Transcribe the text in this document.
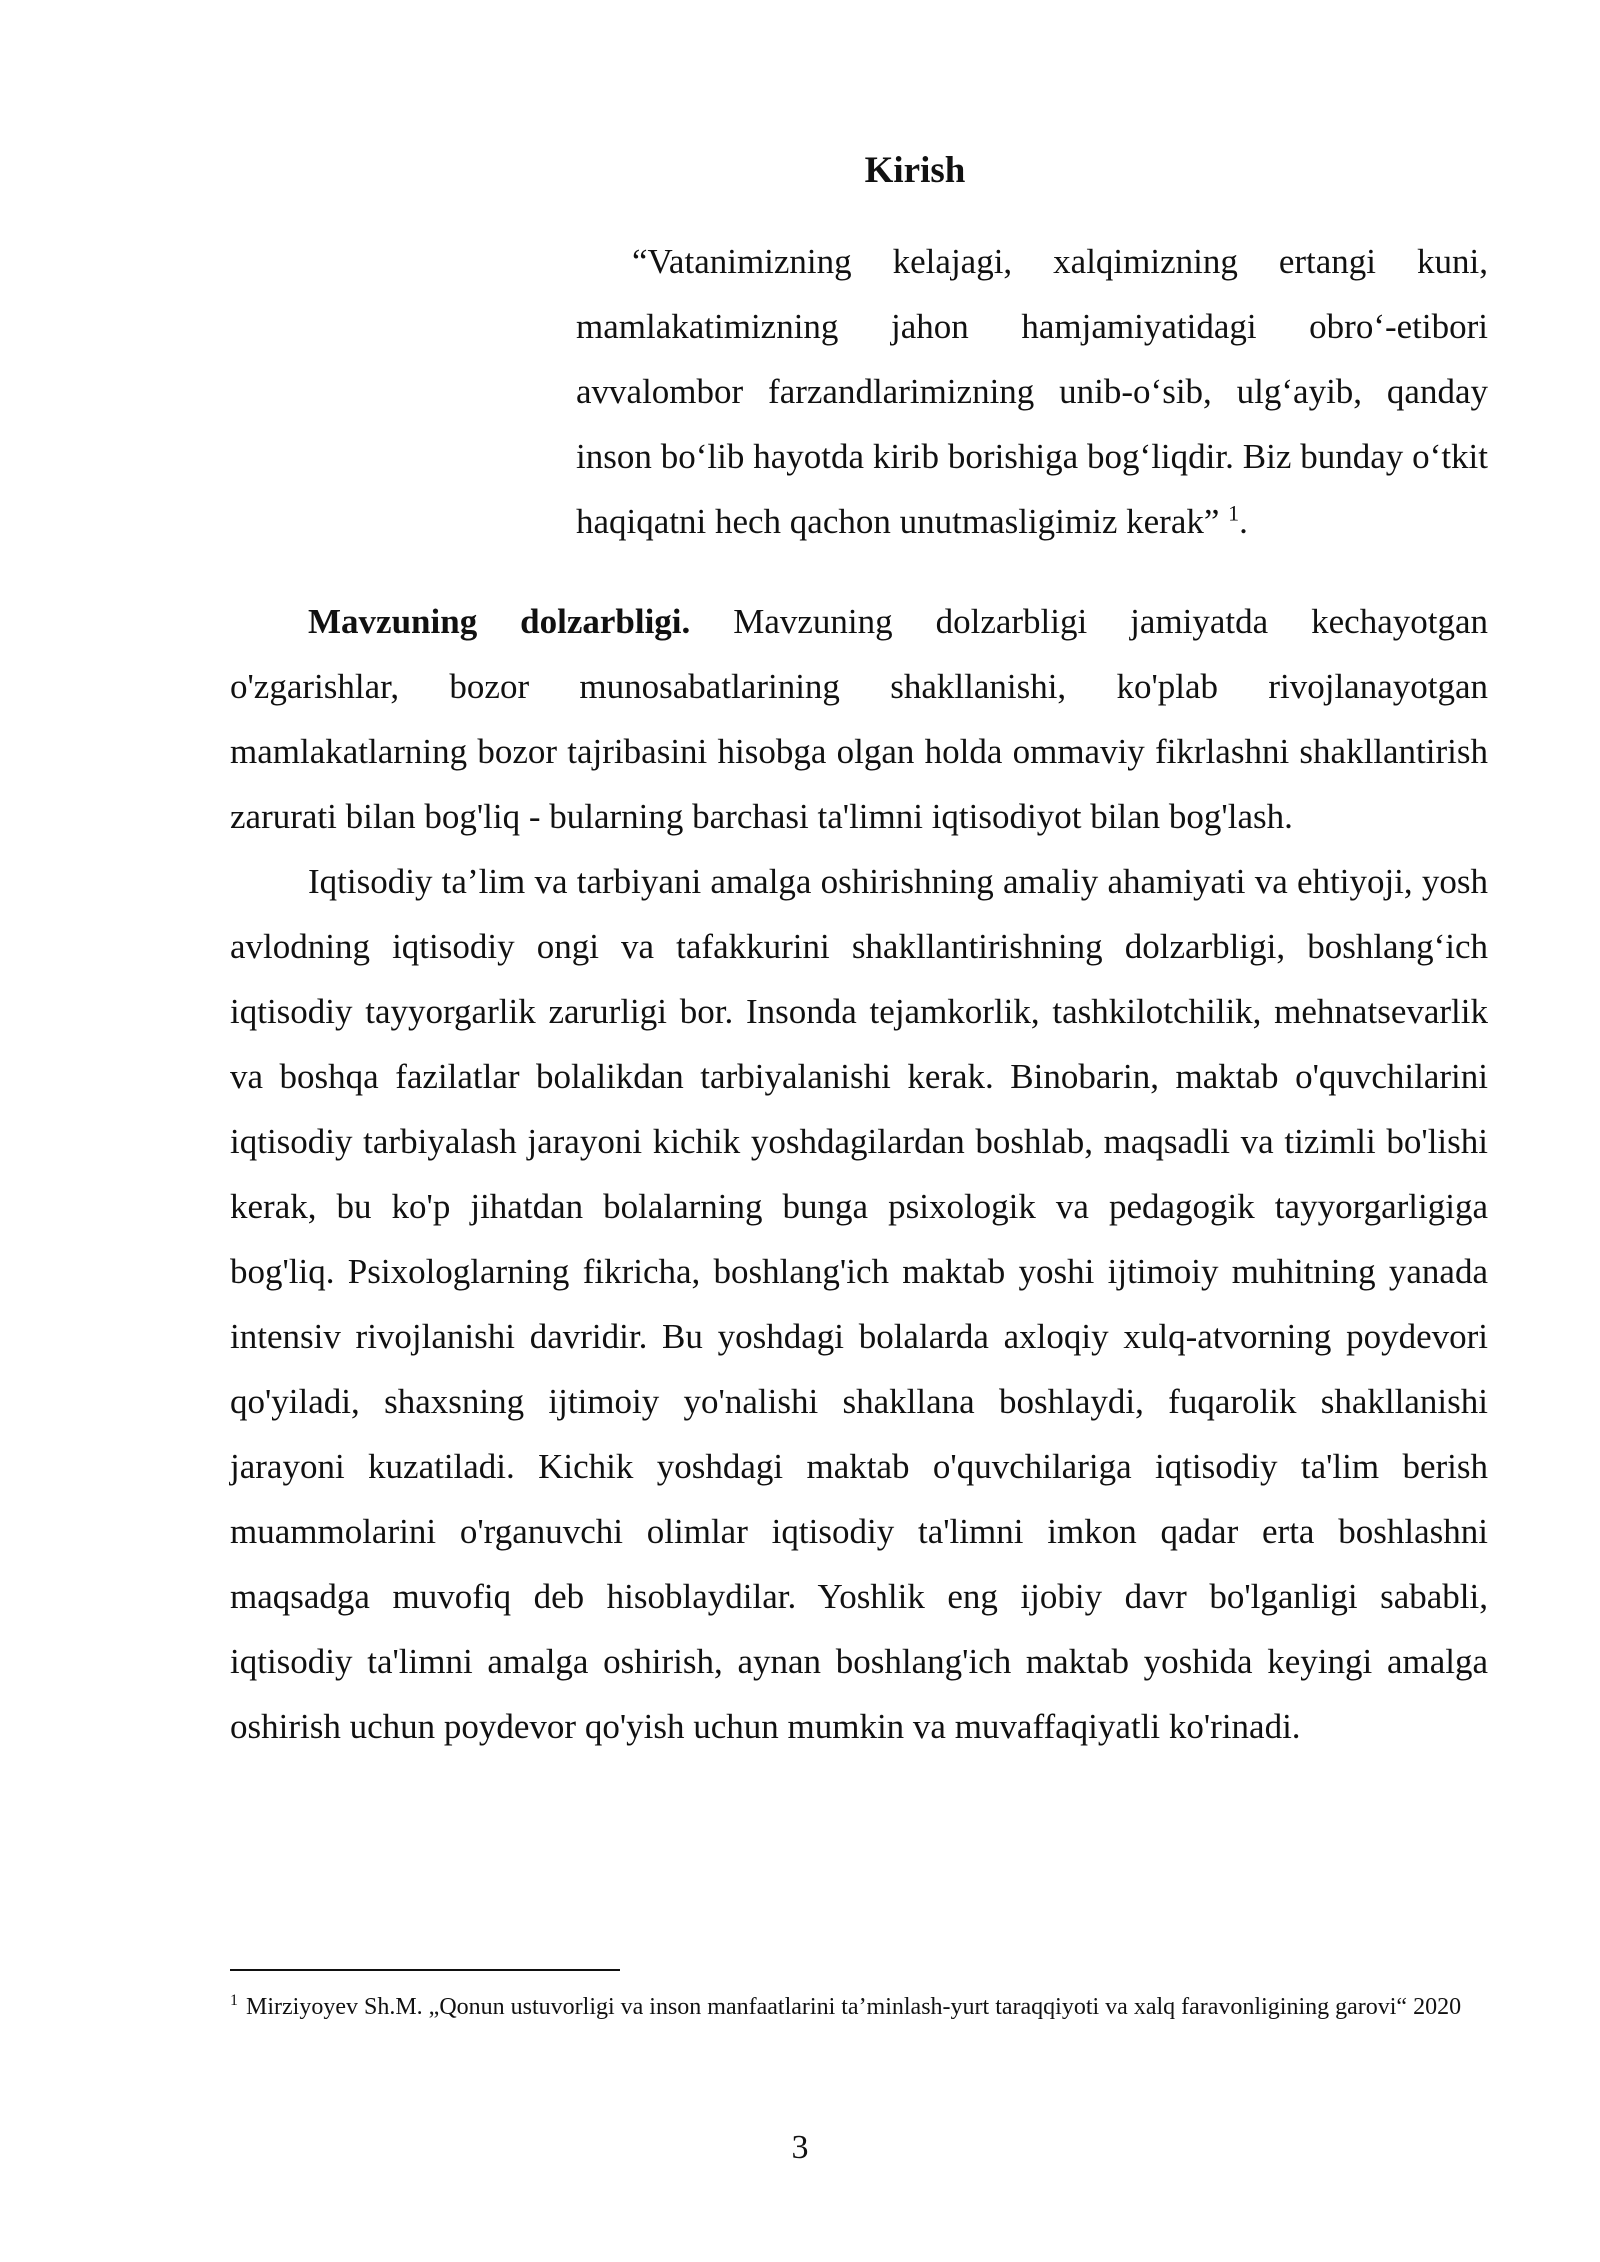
Kirish

“Vatanimizning kelajagi, xalqimizning ertangi kuni, mamlakatimizning jahon hamjamiyatidagi obro‘-etibori avvalombor farzandlarimizning unib-o‘sib, ulg‘ayib, qanday inson bo‘lib hayotda kirib borishiga bog‘liqdir. Biz bunday o‘tkit haqiqatni hech qachon unutmasligimiz kerak” $^1$.

Mavzuning dolzarbligi. Mavzuning dolzarbligi jamiyatda kechayotgan o'zgarishlar, bozor munosabatlarining shakllanishi, ko'plab rivojlanayotgan mamlakatlarning bozor tajribasini hisobga olgan holda ommaviy fikrlashni shakllantirish zarurati bilan bog'liq - bularning barchasi ta'limni iqtisodiyot bilan bog'lash.

Iqtisodiy ta’lim va tarbiyani amalga oshirishning amaliy ahamiyati va ehtiyoji, yosh avlodning iqtisodiy ongi va tafakkurini shakllantirishning dolzarbligi, boshlang‘ich iqtisodiy tayyorgarlik zarurligi bor. Insonda tejamkorlik, tashkilotchilik, mehnatsevarlik va boshqa fazilatlar bolalikdan tarbiyalanishi kerak. Binobarin, maktab o'quvchilarini iqtisodiy tarbiyalash jarayoni kichik yoshdagilardan boshlab, maqsadli va tizimli bo'lishi kerak, bu ko'p jihatdan bolalarning bunga psixologik va pedagogik tayyorgarligiga bog'liq. Psixologlarning fikricha, boshlang'ich maktab yoshi ijtimoiy muhitning yanada intensiv rivojlanishi davridir. Bu yoshdagi bolalarda axloqiy xulq-atvorning poydevori qo'yiladi, shaxsning ijtimoiy yo'nalishi shakllana boshlaydi, fuqarolik shakllanishi jarayoni kuzatiladi. Kichik yoshdagi maktab o'quvchilariga iqtisodiy ta'lim berish muammolarini o'rganuvchi olimlar iqtisodiy ta'limni imkon qadar erta boshlashni maqsadga muvofiq deb hisoblaydilar. Yoshlik eng ijobiy davr bo'lganligi sababli, iqtisodiy ta'limni amalga oshirish, aynan boshlang'ich maktab yoshida keyingi amalga oshirish uchun poydevor qo'yish uchun mumkin va muvaffaqiyatli ko'rinadi.

$^1$ Mirziyoyev Sh.M. „Qonun ustuvorligi va inson manfaatlarini ta’minlash-yurt taraqqiyoti va xalq faravonligining garovi“ 2020
3
